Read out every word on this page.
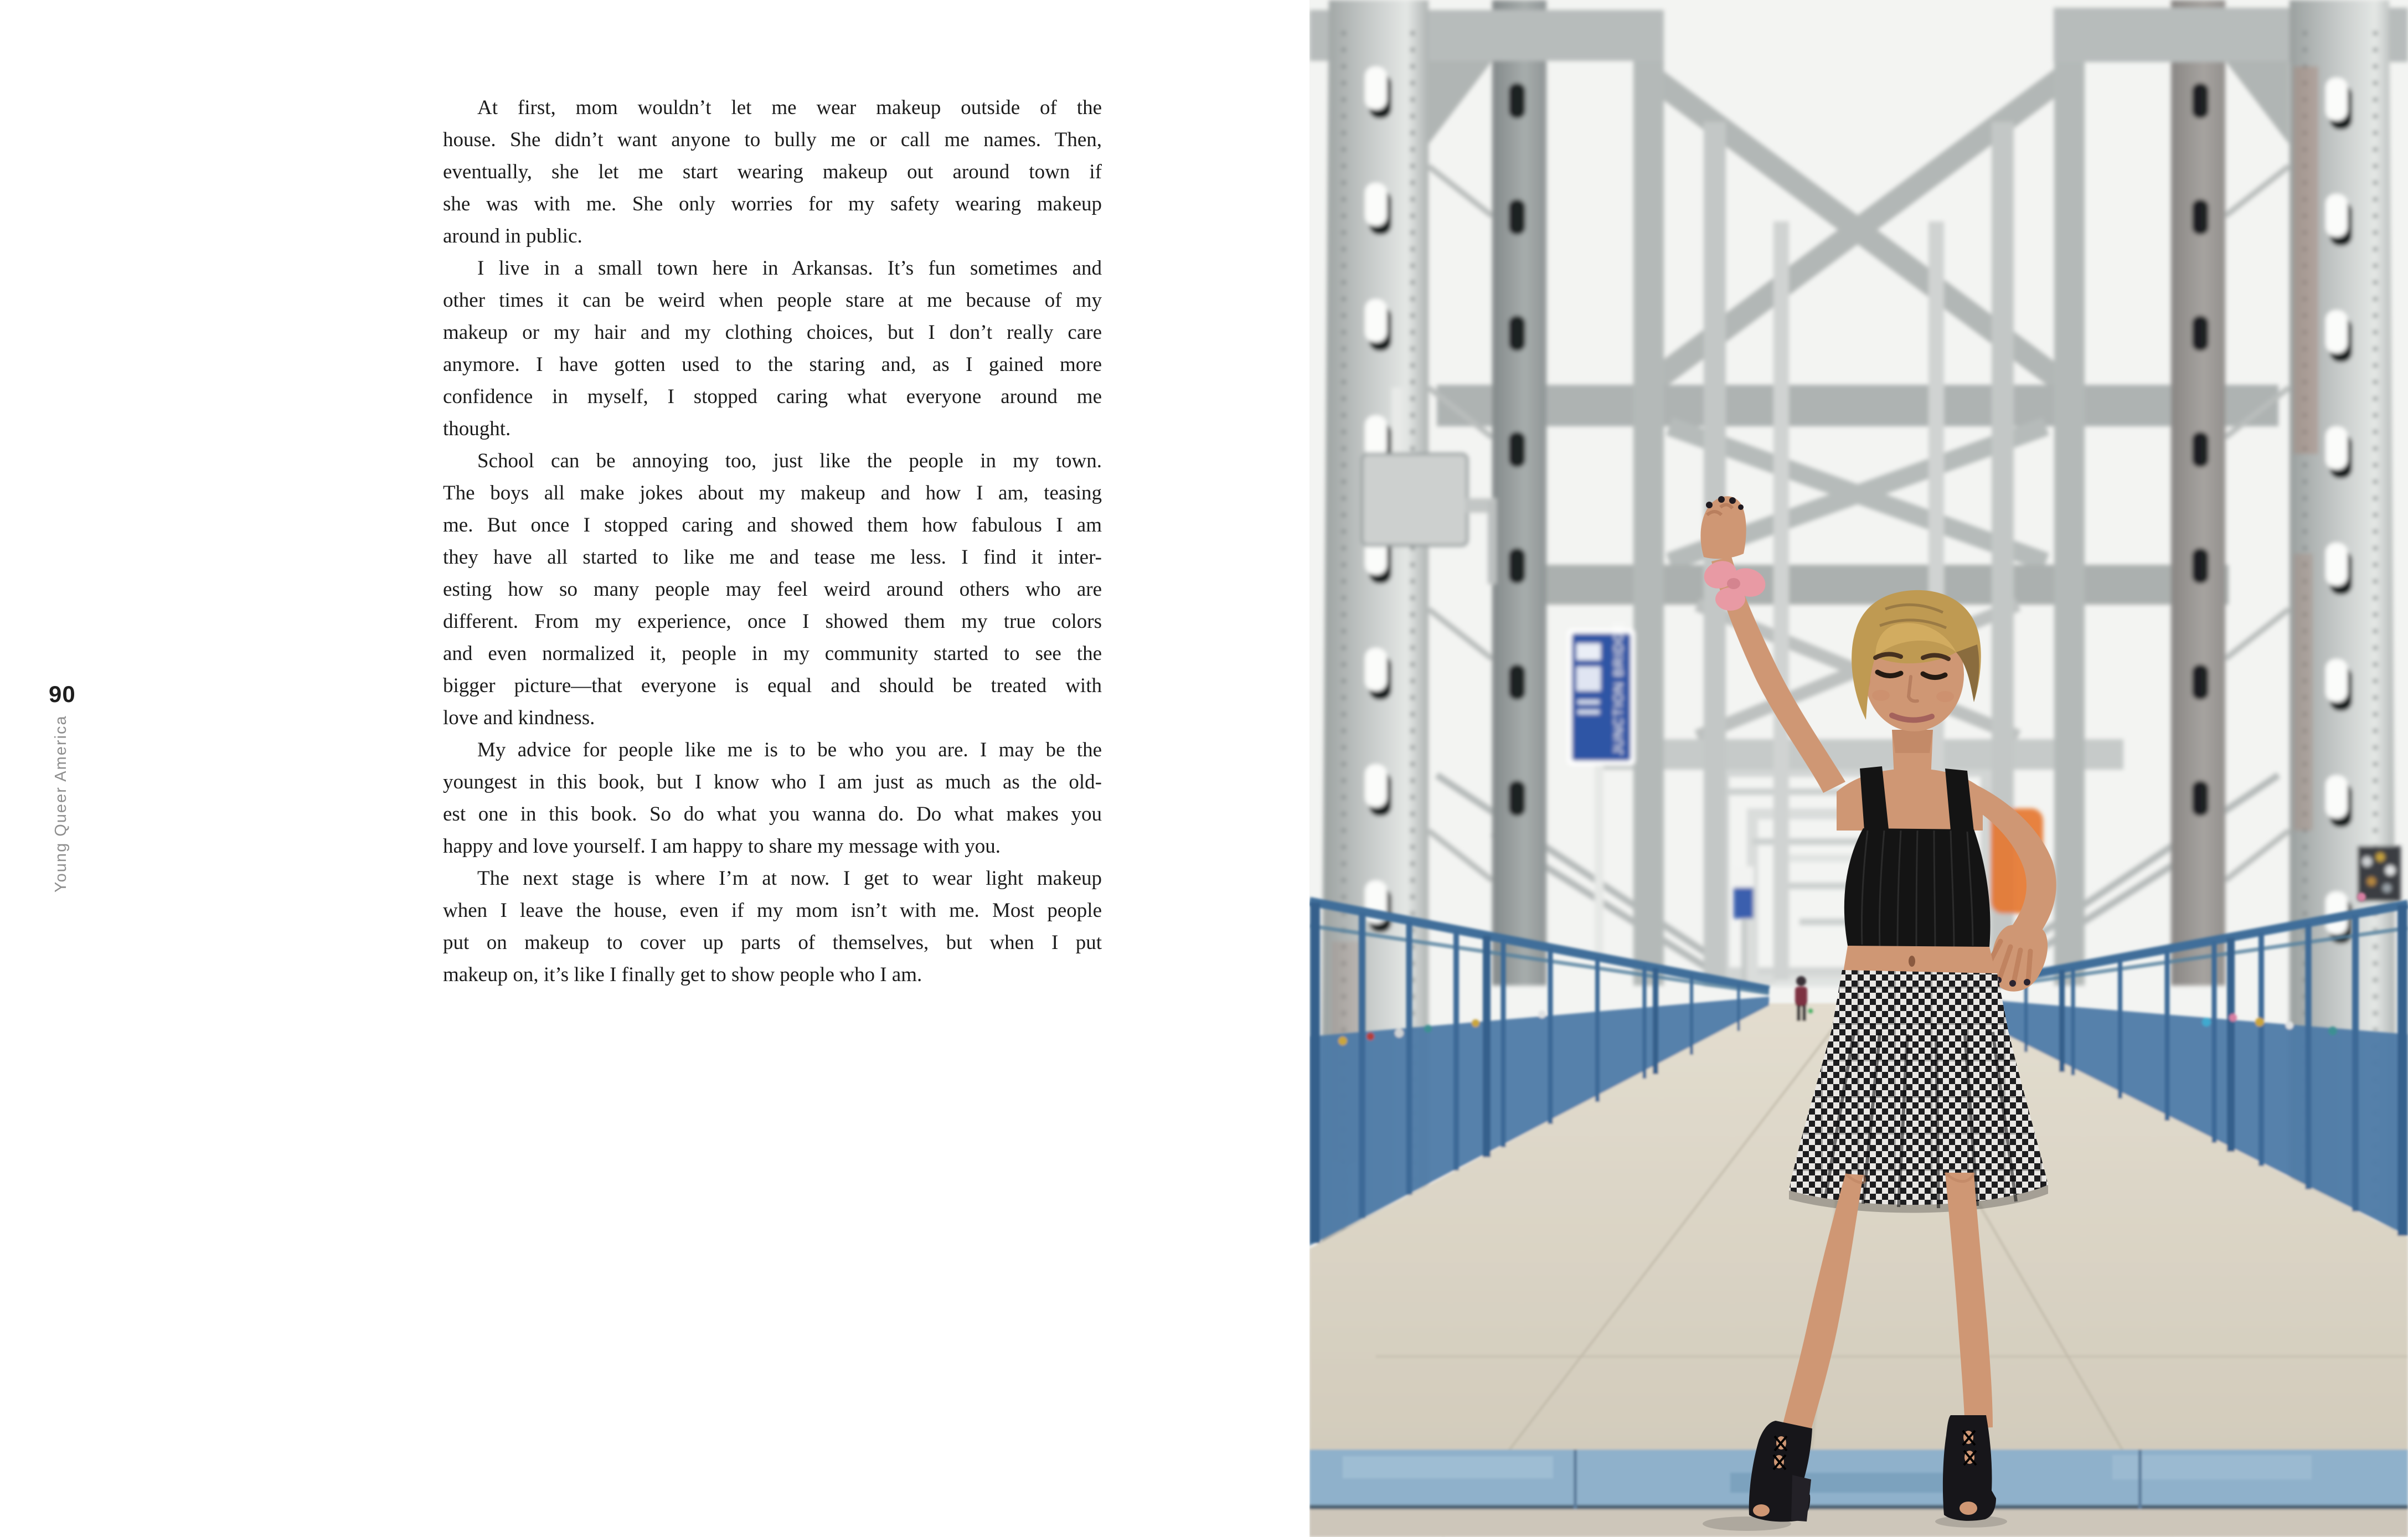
90
Young Queer America

At first, mom wouldn’t let me wear makeup outside of the
house. She didn’t want anyone to bully me or call me names. Then,
eventually, she let me start wearing makeup out around town if
she was with me. She only worries for my safety wearing makeup
around in public.

I live in a small town here in Arkansas. It’s fun sometimes and
other times it can be weird when people stare at me because of my
makeup or my hair and my clothing choices, but I don’t really care
anymore. I have gotten used to the staring and, as I gained more
confidence in myself, I stopped caring what everyone around me
thought.

School can be annoying too, just like the people in my town.
The boys all make jokes about my makeup and how I am, teasing
me. But once I stopped caring and showed them how fabulous I am
they have all started to like me and tease me less. I find it inter-
esting how so many people may feel weird around others who are
different. From my experience, once I showed them my true colors
and even normalized it, people in my community started to see the
bigger picture—that everyone is equal and should be treated with
love and kindness.

My advice for people like me is to be who you are. I may be the
youngest in this book, but I know who I am just as much as the old-
est one in this book. So do what you wanna do. Do what makes you
happy and love yourself. I am happy to share my message with you.

The next stage is where I’m at now. I get to wear light makeup
when I leave the house, even if my mom isn’t with me. Most people
put on makeup to cover up parts of themselves, but when I put
makeup on, it’s like I finally get to show people who I am.

JUNCTION BRIDGE
